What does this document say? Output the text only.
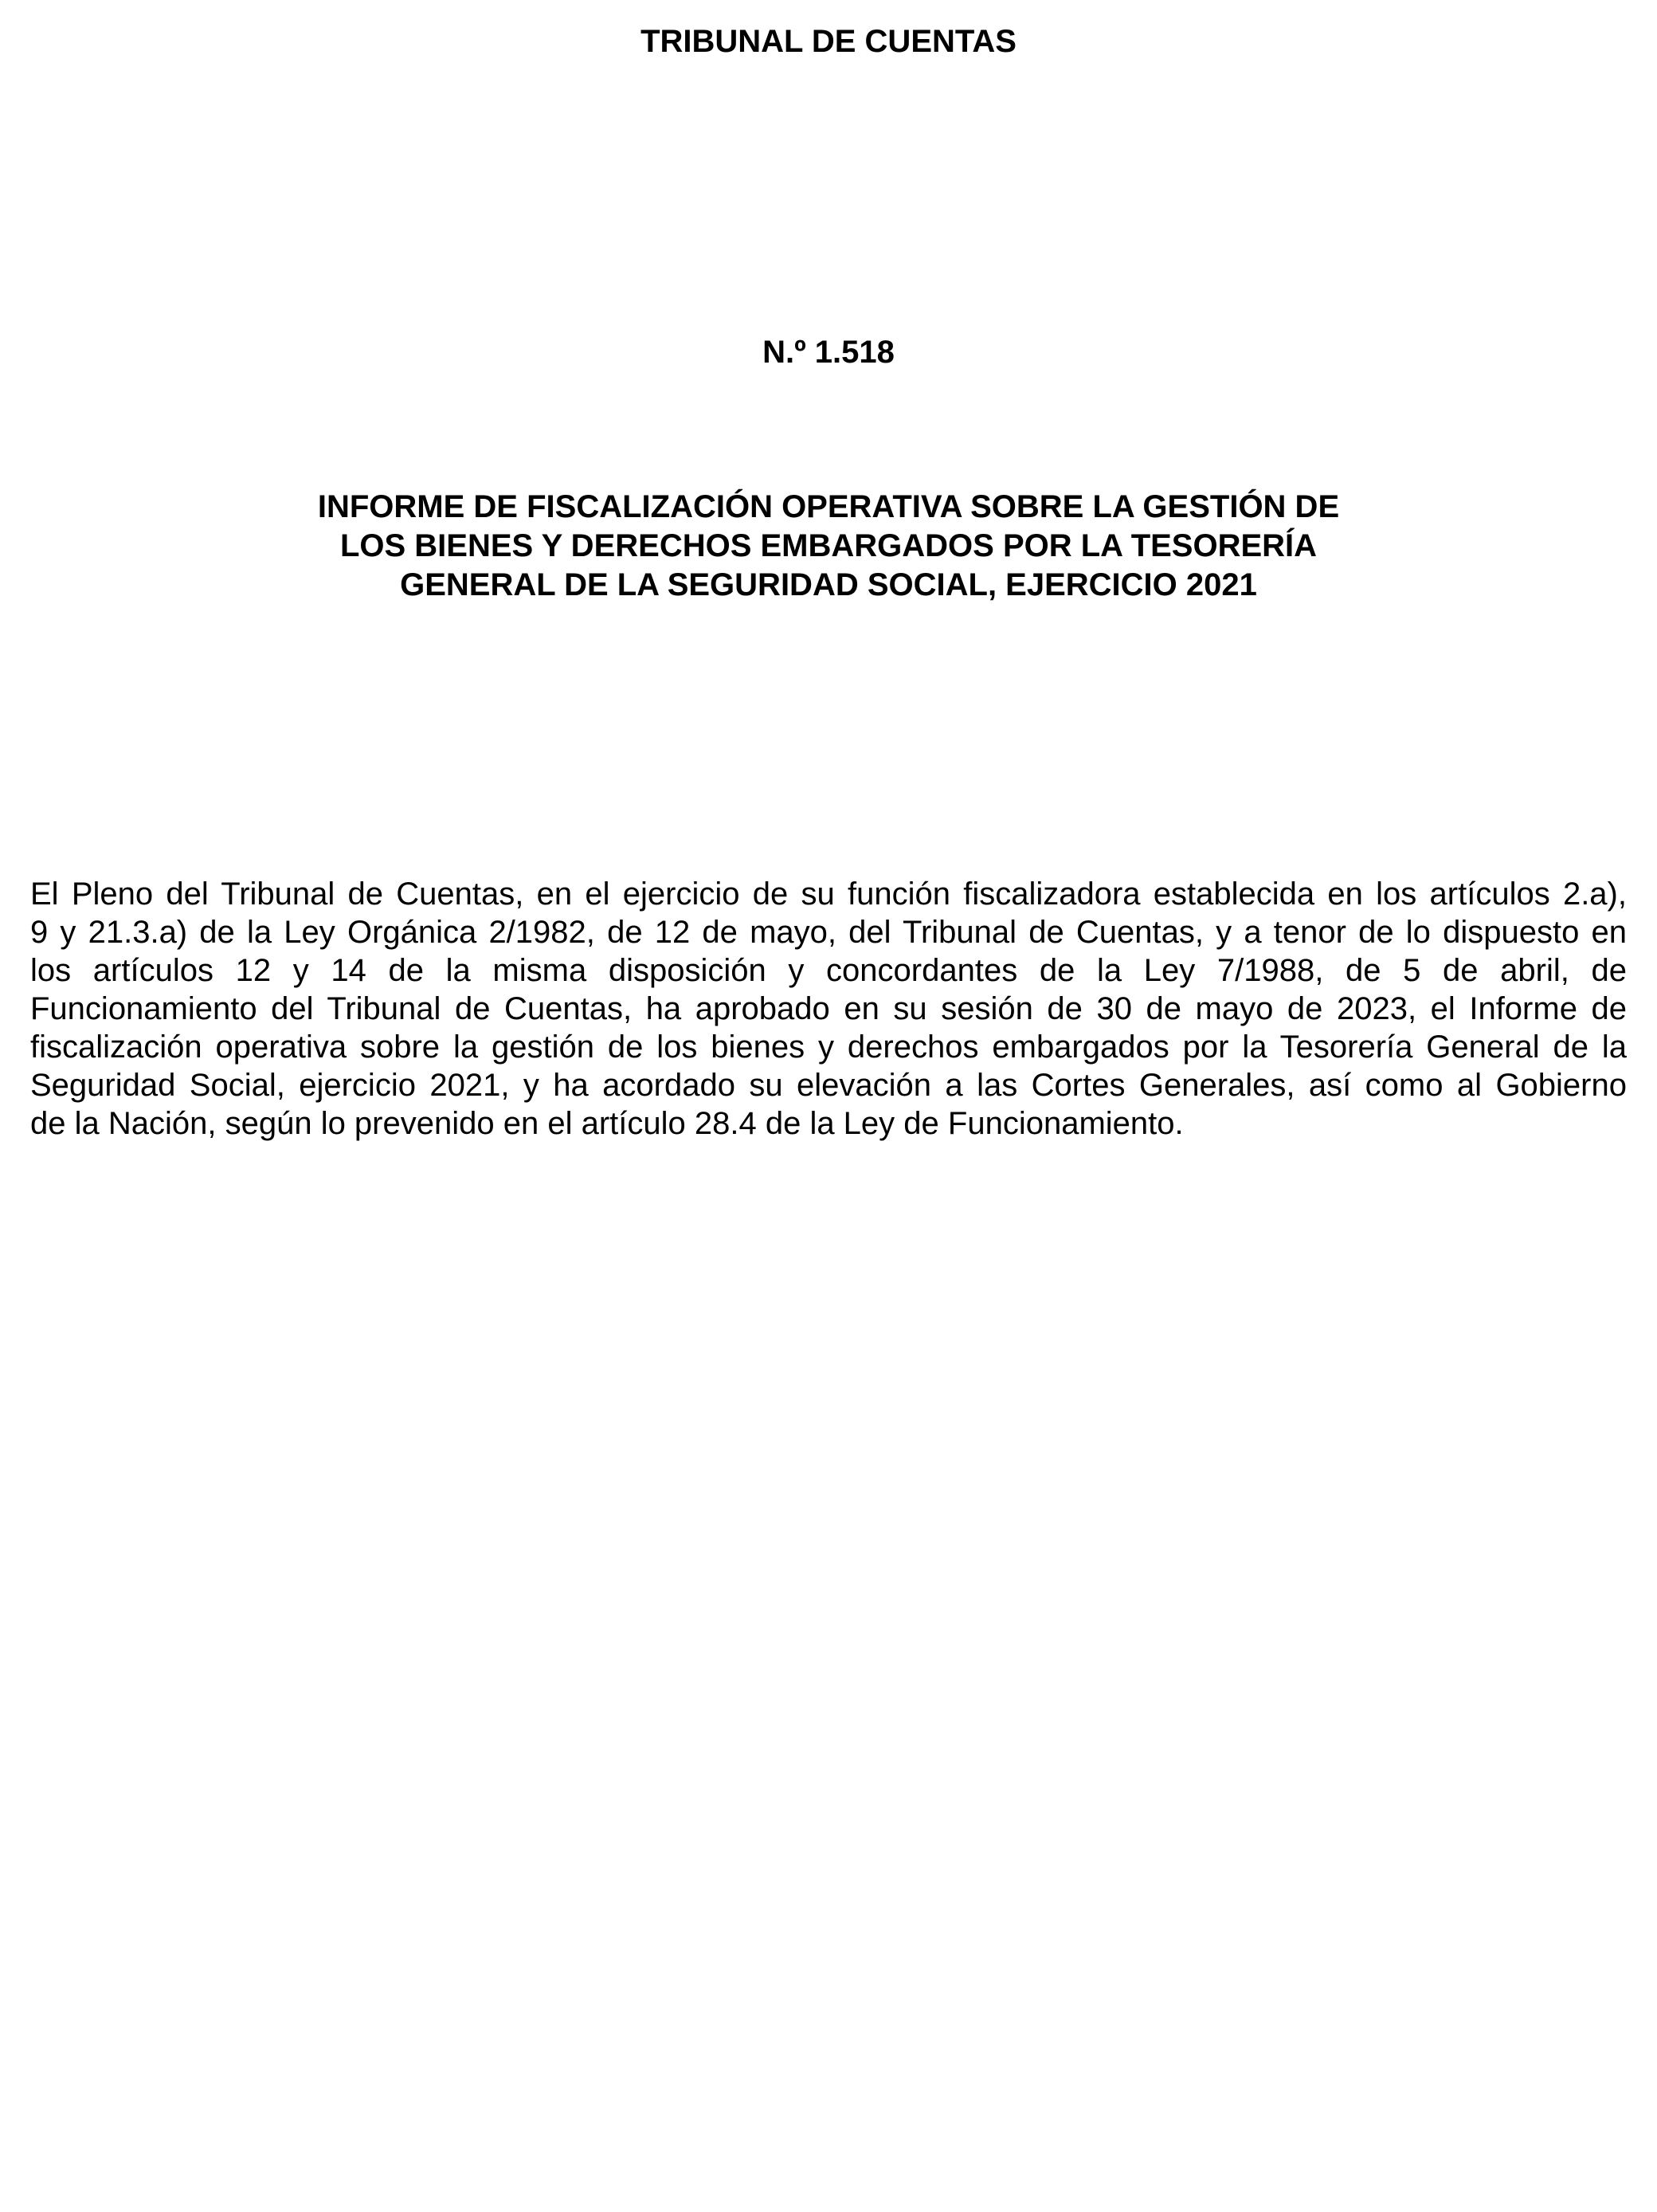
TRIBUNAL DE CUENTAS
N.º 1.518
INFORME DE FISCALIZACIÓN OPERATIVA SOBRE LA GESTIÓN DE
LOS BIENES Y DERECHOS EMBARGADOS POR LA TESORERÍA
GENERAL DE LA SEGURIDAD SOCIAL, EJERCICIO 2021
El Pleno del Tribunal de Cuentas, en el ejercicio de su función fiscalizadora establecida en los artículos 2.a),
9 y 21.3.a) de la Ley Orgánica 2/1982, de 12 de mayo, del Tribunal de Cuentas, y a tenor de lo dispuesto en
los artículos 12 y 14 de la misma disposición y concordantes de la Ley 7/1988, de 5 de abril, de
Funcionamiento del Tribunal de Cuentas, ha aprobado en su sesión de 30 de mayo de 2023, el Informe de
fiscalización operativa sobre la gestión de los bienes y derechos embargados por la Tesorería General de la
Seguridad Social, ejercicio 2021, y ha acordado su elevación a las Cortes Generales, así como al Gobierno
de la Nación, según lo prevenido en el artículo 28.4 de la Ley de Funcionamiento.
